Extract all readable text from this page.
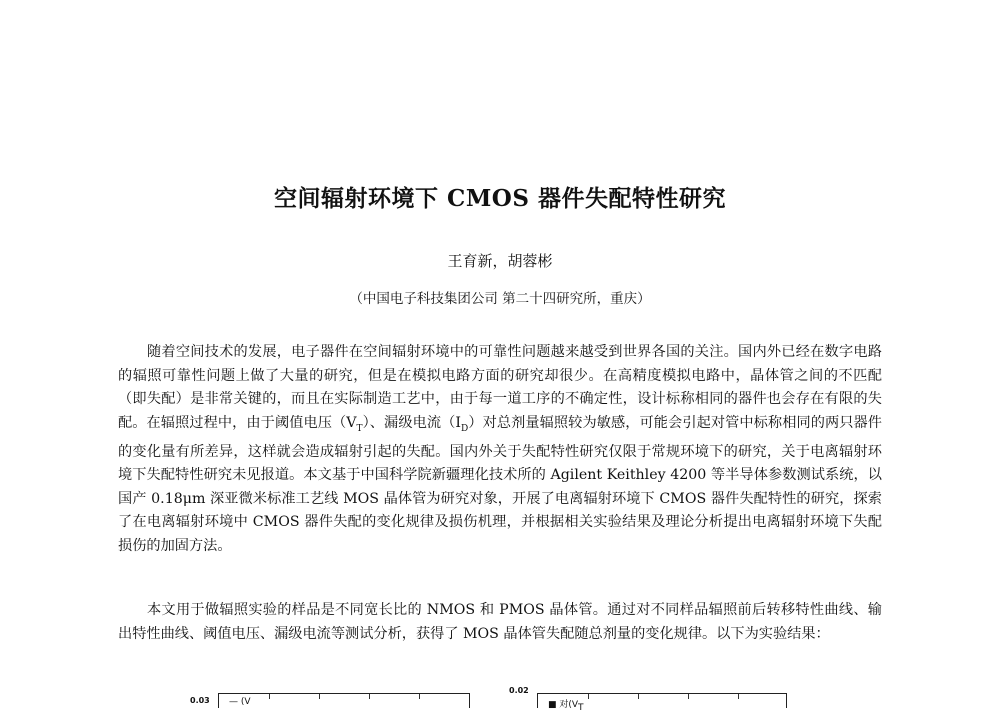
空间辐射环境下 CMOS 器件失配特性研究
王育新，胡蓉彬
（中国电子科技集团公司 第二十四研究所，重庆）

随着空间技术的发展，电子器件在空间辐射环境中的可靠性问题越来越受到世界各国的关注。国内外已经在数字电路的辐照可靠性问题上做了大量的研究，但是在模拟电路方面的研究却很少。在高精度模拟电路中，晶体管之间的不匹配（即失配）是非常关键的，而且在实际制造工艺中，由于每一道工序的不确定性，设计标称相同的器件也会存在有限的失配。在辐照过程中，由于阈值电压$(V_T)$、漏级电流$(I_D)$对总剂量辐照较为敏感，可能会引起对管中标称相同的两只器件的变化量有所差异，这样就会造成辐射引起的失配。国内外关于失配特性研究仅限于常规环境下的研究，关于电离辐射环境下失配特性研究未见报道。本文基于中国科学院新疆理化技术所的 Agilent Keithley 4200 等半导体参数测试系统，以国产 0.18μm 深亚微米标准工艺线 MOS 晶体管为研究对象，开展了电离辐射环境下 CMOS 器件失配特性的研究，探索了在电离辐射环境中 CMOS 器件失配的变化规律及损伤机理，并根据相关实验结果及理论分析提出电离辐射环境下失配损伤的加固方法。

本文用于做辐照实验的样品是不同宽长比的 NMOS 和 PMOS 晶体管。通过对不同样品辐照前后转移特性曲线、输出特性曲线、阈值电压、漏级电流等测试分析，获得了 MOS 晶体管失配随总剂量的变化规律。以下为实验结果：

0.03 — (V
0.02
■ 对($V_T$
